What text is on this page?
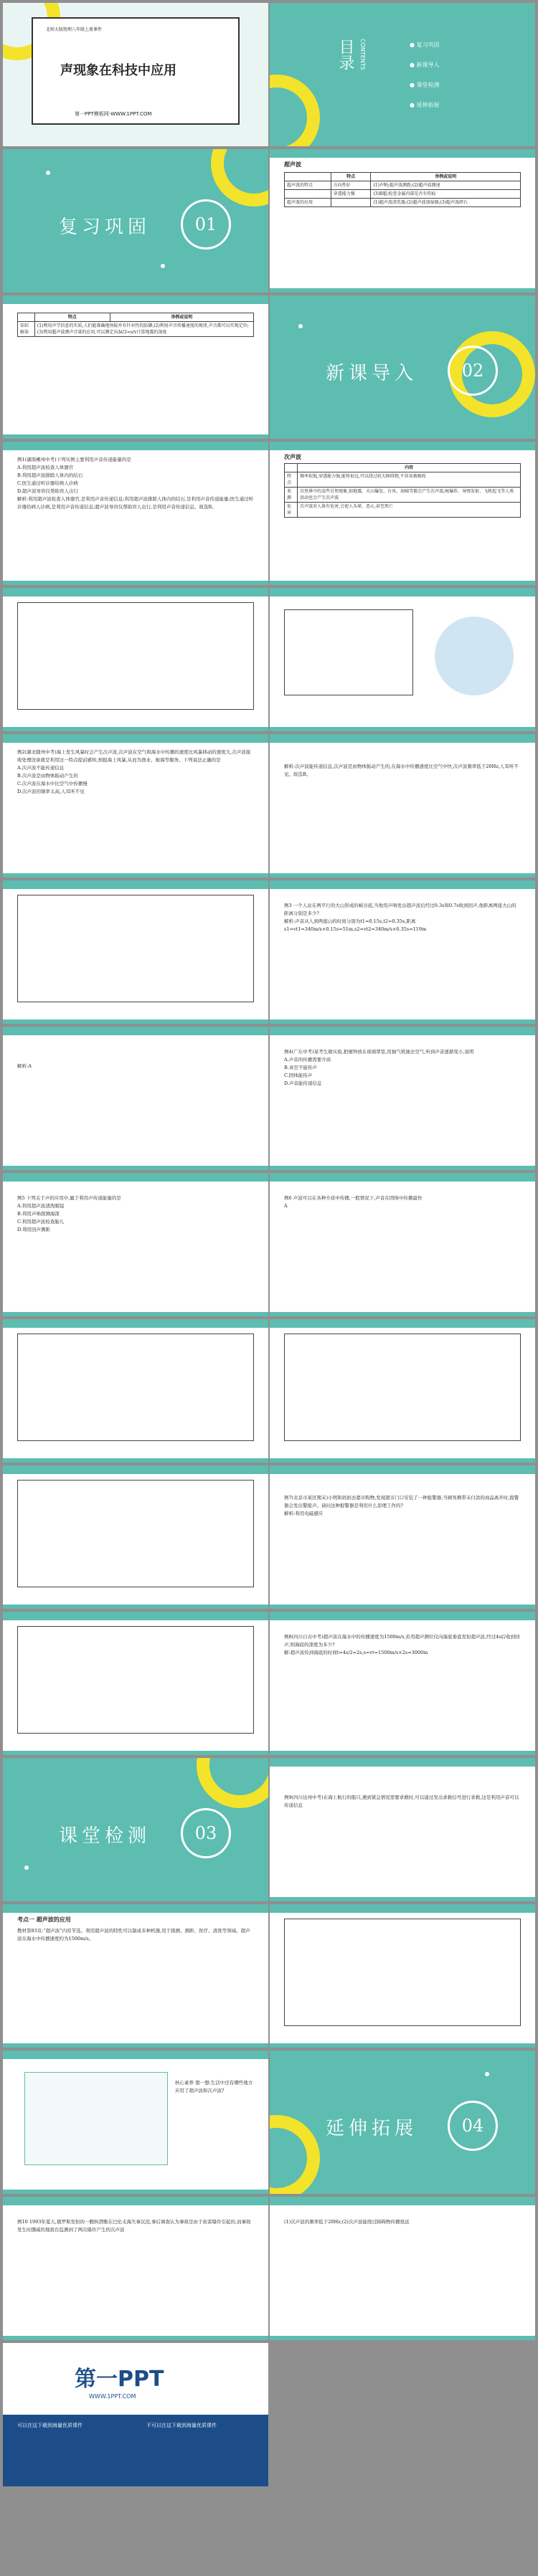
北师大版物理八年级上册课件
声现象在科技中应用
第一PPT模板网-WWW.1PPT.COM
目录 CONTENTS	● 复习巩固
● 新课导入
● 课堂检测
● 延伸拓展
复习巩固	01
超声波
	特点	举例或说明
超声波的特点	方向性好	(1)声呐;超声波测距;(2)超声波测速
	穿透能力强	(3)B超;检查金属内部是否有伤痕
超声波的应用		(1)超声波清洗器;(2)超声波加湿器;(3)超声波碎石
	特点	举例或说明
知识解读	(1)利用声学信息的实质,人们能准确地预报并有针对性的防御;(2)利用声音传播速度的规律,声音都可以实现定位;(3)利用超声波测声音量的应用,可以测定出Δt/2=s/v计算地震的深度	
新课导入	02
例1(湖南郴州中考)下列实例主要利用声音传递能量的是
A.利用超声波检查人体器官
B.利用超声波排除人体内的结石
C.医生通过听诊器给病人诊病
D.超声波导盲仪帮助盲人出行
解析:利用超声波检查人体器官,是利用声音传递信息;利用超声波排除人体内的结石,是利用声音传递能量;医生通过听诊器给病人诊病,是利用声音传递信息;超声波导盲仪帮助盲人出行,是利用声音传递信息。故选B。
次声波
	内容
特点	频率很低,穿透能力强,能传很远,可以绕过较大障碍物,不容易被吸收
来源	自然界中的某些自然现象,如地震、火山爆发、台风、海啸等都会产生次声波;核爆炸、导弹发射、飞机起飞等人类活动也会产生次声波
危害	次声波对人体有危害,会使人头晕、恶心,甚至死亡
例2(湖北随州中考)海上发生风暴时会产生次声波,次声波在空气和海水中传播的速度比风暴移动的速度大,次声波接收处理设备就是利用这一特点提前感知,预报海上风暴,从而为渔业、航海等服务。下列说法正确的是
A.次声波不能传递信息
B.次声波是由物体振动产生的
C.次声波在海水中比空气中传播慢
D.次声波的频率太高,人耳听不见
解析:次声波能传递信息,次声波是由物体振动产生的,在海水中传播速度比空气中快,次声波频率低于20Hz,人耳听不见。故选B。
例3 一个人站在两平行的大山形成的峡谷底,当他用声呐发出超声波后经过0.3s和0.7s收到回声,他距离两座大山的距离分别是多少?
解析:声音从人到两座山的时间分别为t1=0.15s,t2=0.35s,距离s1=vt1=340m/s×0.15s=51m,s2=vt2=340m/s×0.35s=119m
解析:A
例4(广东中考)某考生做实验,把闹钟放在玻璃罩里,用抽气机抽去空气,听到声音逐渐变小,说明
A.声音的传播需要介质
B.真空不能传声
C.固体能传声
D.声音能传递信息
例5 下列关于声的应用中,属于利用声传递能量的是
A.利用超声波清洗眼镜
B.利用声呐探测海深
C.利用超声波检查胎儿
D.利用回声测距
例6 声波可以在各种介质中传播,一般情况下,声音在固体中传播最快
A
例7(北京市某区期末)小明和妈妈去超市购物,发现超市门口安装了一种报警器,当顾客携带未付款的商品离开时,报警器会发出警报声。请问这种报警器是利用什么原理工作的?
解析:利用电磁感应
例8(四川自贡中考)超声波在海水中的传播速度为1500m/s,若用超声测位仪向海底垂直发射超声波,经过4s后收到回声,则海底的深度为多少?
解:超声波传到海底的时间t=4s/2=2s,s=vt=1500m/s×2s=3000m
课堂检测	03
例9(四川达州中考)在海上航行的船只,遇到紧急情况需要求救时,可以通过发出求救信号进行求救,这是利用声音可以传递信息
考点一 超声波的应用
教材第83页:“超声波”内容节选。利用超声波的特性可以制成多种机器,用于探测、测距、医疗、清洗等领域。超声波在海水中传播速度约为1500m/s。
核心素养 想一想:生活中还有哪些地方应用了超声波和次声波?
延伸拓展	04
例10 1993年夏天,俄罗斯发射的一艘核潜艇在巴伦支海失事沉没,事后调查认为事故是由于鱼雷爆炸引起的,而事故发生时挪威的地震台监测到了两次爆炸产生的次声波
(1)次声波的频率低于20Hz;(2)次声波能绕过障碍物传播很远
第一PPT
WWW.1PPT.COM
可以在这下载到海量优质课件	不可以在这下载到海量优质课件
